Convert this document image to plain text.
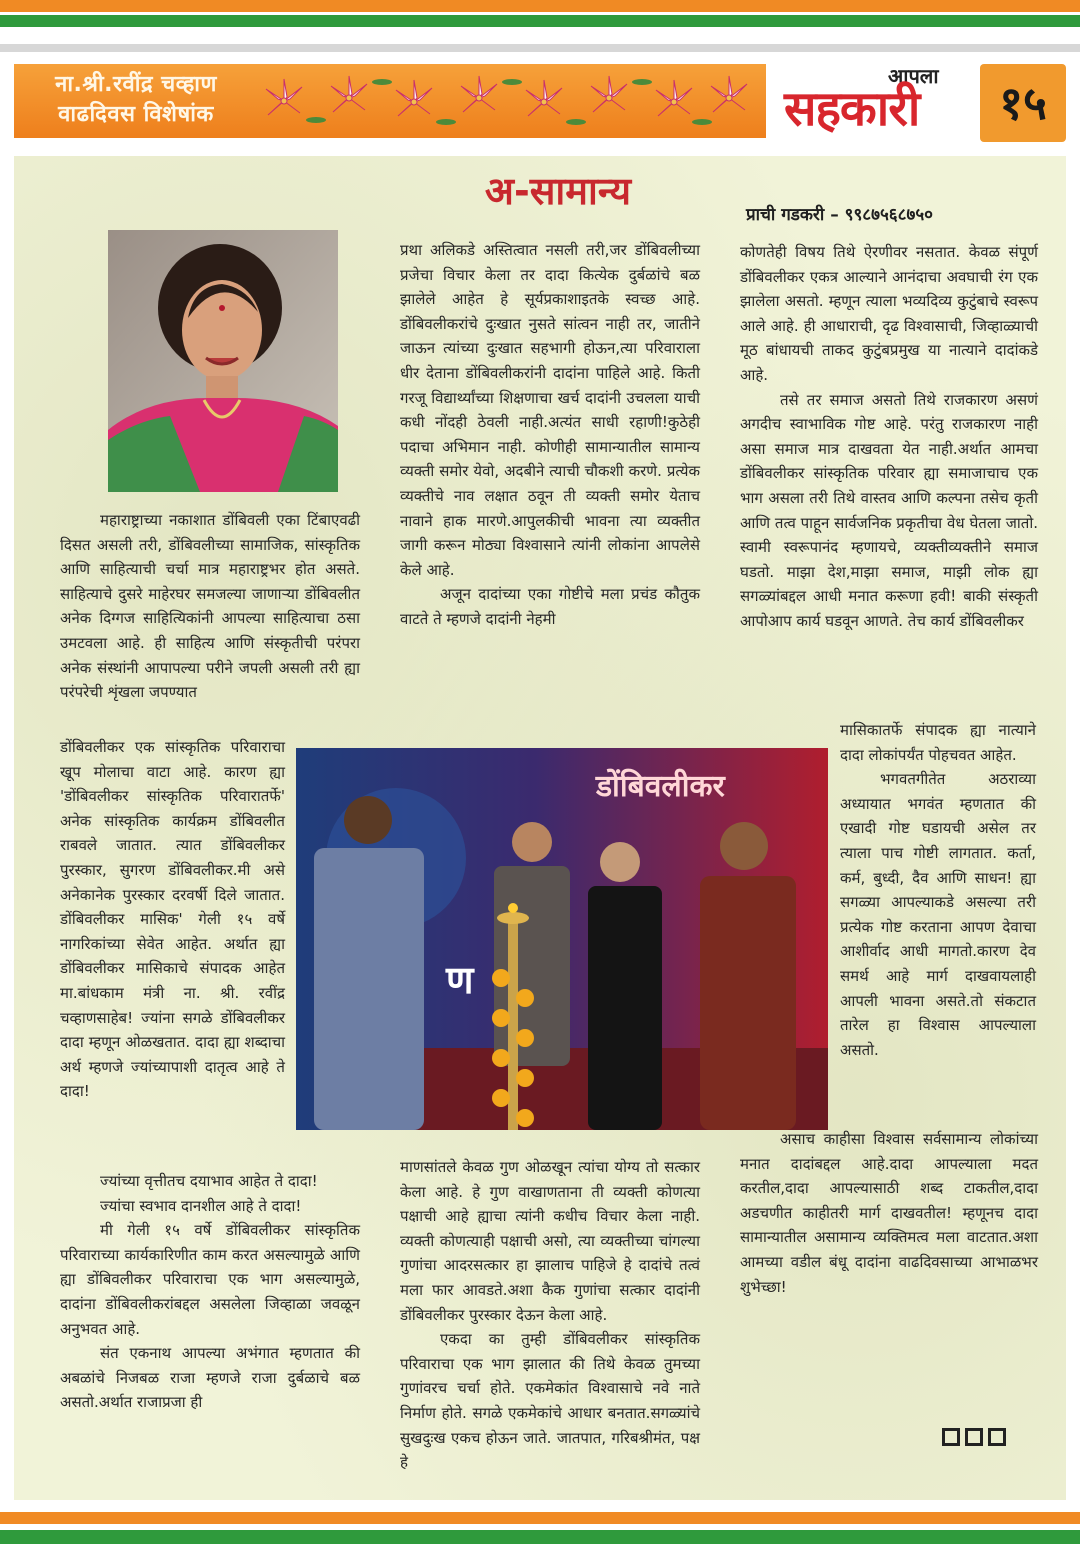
ना.श्री.रवींद्र चव्हाण
वाढदिवस विशेषांक
आपला
सहकारी	१५
अ-सामान्य
प्राची गडकरी – ९९८७५६८७५०

महाराष्ट्राच्या नकाशात डोंबिवली एका टिंबाएवढी दिसत असली तरी, डोंबिवलीच्या सामाजिक, सांस्कृतिक आणि साहित्याची चर्चा मात्र महाराष्ट्रभर होत असते. साहित्याचे दुसरे माहेरघर समजल्या जाणाऱ्या डोंबिवलीत अनेक दिग्गज साहित्यिकांनी आपल्या साहित्याचा ठसा उमटवला आहे. ही साहित्य आणि संस्कृतीची परंपरा अनेक संस्थांनी आपापल्या परीने जपली असली तरी ह्या परंपरेची शृंखला जपण्यात

डोंबिवलीकर एक सांस्कृतिक परिवाराचा खूप मोलाचा वाटा आहे. कारण ह्या 'डोंबिवलीकर सांस्कृतिक परिवारातर्फे' अनेक सांस्कृतिक कार्यक्रम डोंबिवलीत राबवले जातात. त्यात डोंबिवलीकर पुरस्कार, सुगरण डोंबिवलीकर.मी असे अनेकानेक पुरस्कार दरवर्षी दिले जातात. डोंबिवलीकर मासिक' गेली १५ वर्षे नागरिकांच्या सेवेत आहेत. अर्थात ह्या डोंबिवलीकर मासिकाचे संपादक आहेत मा.बांधकाम मंत्री ना. श्री. रवींद्र चव्हाणसाहेब! ज्यांना सगळे डोंबिवलीकर दादा म्हणून ओळखतात. दादा ह्या शब्दाचा अर्थ म्हणजे ज्यांच्यापाशी दातृत्व आहे ते दादा!

ज्यांच्या वृत्तीतच दयाभाव आहेत ते दादा!

ज्यांचा स्वभाव दानशील आहे ते दादा!

मी गेली १५ वर्षे डोंबिवलीकर सांस्कृतिक परिवाराच्या कार्यकारिणीत काम करत असल्यामुळे आणि ह्या डोंबिवलीकर परिवाराचा एक भाग असल्यामुळे, दादांना डोंबिवलीकरांबद्दल असलेला जिव्हाळा जवळून अनुभवत आहे.

संत एकनाथ आपल्या अभंगात म्हणतात की अबळांचे निजबळ राजा म्हणजे राजा दुर्बळाचे बळ असतो.अर्थात राजाप्रजा ही

प्रथा अलिकडे अस्तित्वात नसली तरी,जर डोंबिवलीच्या प्रजेचा विचार केला तर दादा कित्येक दुर्बळांचे बळ झालेले आहेत हे सूर्यप्रकाशाइतके स्वच्छ आहे. डोंबिवलीकरांचे दुःखात नुसते सांत्वन नाही तर, जातीने जाऊन त्यांच्या दुःखात सहभागी होऊन,त्या परिवाराला धीर देताना डोंबिवलीकरांनी दादांना पाहिले आहे. किती गरजू विद्यार्थ्यांच्या शिक्षणाचा खर्च दादांनी उचलला याची कधी नोंदही ठेवली नाही.अत्यंत साधी रहाणी!कुठेही पदाचा अभिमान नाही. कोणीही सामान्यातील सामान्य व्यक्ती समोर येवो, अदबीने त्याची चौकशी करणे. प्रत्येक व्यक्तीचे नाव लक्षात ठवून ती व्यक्ती समोर येताच नावाने हाक मारणे.आपुलकीची भावना त्या व्यक्तीत जागी करून मोठ्या विश्वासाने त्यांनी लोकांना आपलेसे केले आहे.

अजून दादांच्या एका गोष्टीचे मला प्रचंड कौतुक वाटते ते म्हणजे दादांनी नेहमी

माणसांतले केवळ गुण ओळखून त्यांचा योग्य तो सत्कार केला आहे. हे गुण वाखाणताना ती व्यक्ती कोणत्या पक्षाची आहे ह्याचा त्यांनी कधीच विचार केला नाही. व्यक्ती कोणत्याही पक्षाची असो, त्या व्यक्तीच्या चांगल्या गुणांचा आदरसत्कार हा झालाच पाहिजे हे दादांचे तत्वं मला फार आवडते.अशा कैक गुणांचा सत्कार दादांनी डोंबिवलीकर पुरस्कार देऊन केला आहे.

एकदा का तुम्ही डोंबिवलीकर सांस्कृतिक परिवाराचा एक भाग झालात की तिथे केवळ तुमच्या गुणांवरच चर्चा होते. एकमेकांत विश्वासाचे नवे नाते निर्माण होते. सगळे एकमेकांचे आधार बनतात.सगळ्यांचे सुखदुःख एकच होऊन जाते. जातपात, गरिबश्रीमंत, पक्ष हे

कोणतेही विषय तिथे ऐरणीवर नसतात. केवळ संपूर्ण डोंबिवलीकर एकत्र आल्याने आनंदाचा अवघाची रंग एक झालेला असतो. म्हणून त्याला भव्यदिव्य कुटुंबाचे स्वरूप आले आहे. ही आधाराची, दृढ विश्वासाची, जिव्हाळ्याची मूठ बांधायची ताकद कुटुंबप्रमुख या नात्याने दादांकडे आहे.

तसे तर समाज असतो तिथे राजकारण असणं अगदीच स्वाभाविक गोष्ट आहे. परंतु राजकारण नाही असा समाज मात्र दाखवता येत नाही.अर्थात आमचा डोंबिवलीकर सांस्कृतिक परिवार ह्या समाजाचाच एक भाग असला तरी तिथे वास्तव आणि कल्पना तसेच कृती आणि तत्व पाहून सार्वजनिक प्रकृतीचा वेध घेतला जातो. स्वामी स्वरूपानंद म्हणायचे, व्यक्तीव्यक्तीने समाज घडतो. माझा देश,माझा समाज, माझी लोक ह्या सगळ्यांबद्दल आधी मनात करूणा हवी! बाकी संस्कृती आपोआप कार्य घडवून आणते. तेच कार्य डोंबिवलीकर

मासिकातर्फे संपादक ह्या नात्याने दादा लोकांपर्यंत पोहचवत आहेत.

भगवतगीतेत अठराव्या अध्यायात भगवंत म्हणतात की एखादी गोष्ट घडायची असेल तर त्याला पाच गोष्टी लागतात. कर्ता, कर्म, बुध्दी, दैव आणि साधन! ह्या सगळ्या आपल्याकडे असल्या तरी प्रत्येक गोष्ट करताना आपण देवाचा आशीर्वाद आधी मागतो.कारण देव समर्थ आहे मार्ग दाखवायलाही आपली भावना असते.तो संकटात तारेल हा विश्वास आपल्याला असतो.

असाच काहीसा विश्वास सर्वसामान्य लोकांच्या मनात दादांबद्दल आहे.दादा आपल्याला मदत करतील,दादा आपल्यासाठी शब्द टाकतील,दादा अडचणीत काहीतरी मार्ग दाखवतील! म्हणूनच दादा सामान्यातील असामान्य व्यक्तिमत्व मला वाटतात.अशा आमच्या वडील बंधू दादांना वाढदिवसाच्या आभाळभर शुभेच्छा!

डोंबिवलीकर
ण
